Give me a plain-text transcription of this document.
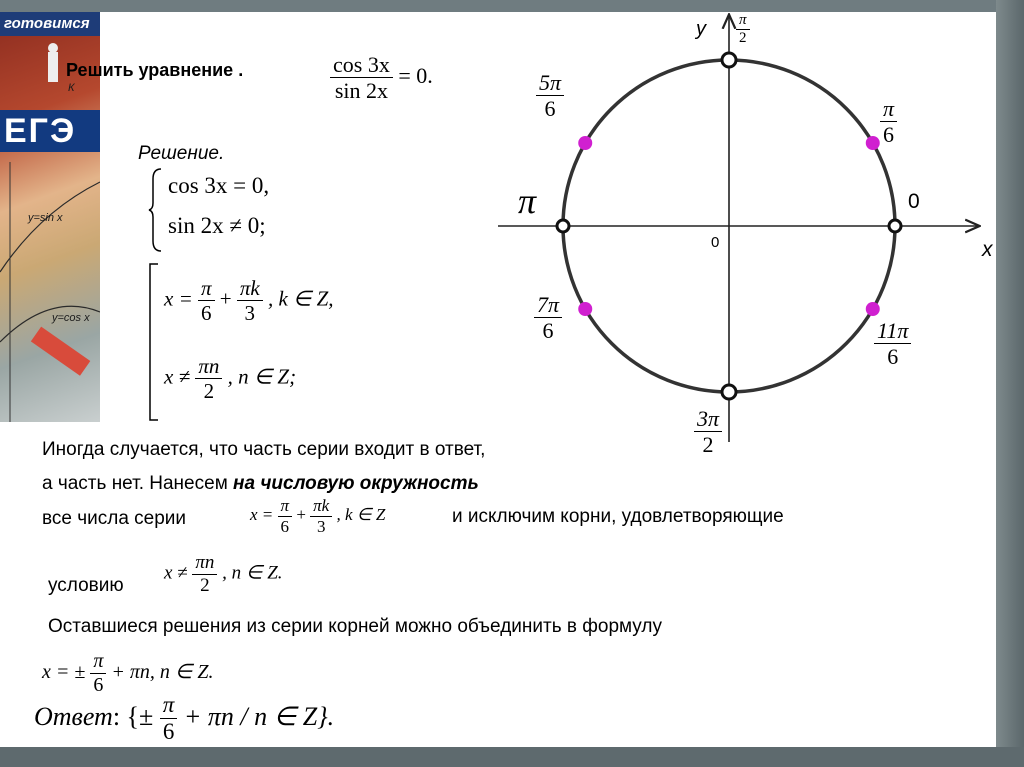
готовимся
ЕГЭ
y=sin x
y=cos x
К
Решить уравнение .	$\frac{\cos 3x}{\sin 2x} = 0$.
Решение.
cos 3x = 0,
sin 2x ≠ 0;
$x = \frac{\pi}{6} + \frac{\pi k}{3}$ , k ∈ Z,
$x \ne \frac{\pi n}{2}$ , n ∈ Z;
y
x
0
0
π
$\frac{\pi}{2}$
$\frac{3\pi}{2}$
$\frac{5\pi}{6}$
$\frac{\pi}{6}$
$\frac{7\pi}{6}$
$\frac{11\pi}{6}$
Иногда случается, что часть серии входит в ответ,
а часть нет. Нанесем на числовую окружность
все числа серии	$x = \frac{\pi}{6} + \frac{\pi k}{3}$ , k ∈ Z	и исключим корни, удовлетворяющие
условию
$x \ne \frac{\pi n}{2}$ , n ∈ Z.
Оставшиеся решения из серии корней можно объединить в формулу
x = ± $\frac{\pi}{6} + \pi n$, n ∈ Z.
Ответ: {± $\frac{\pi}{6} + \pi n / n$ ∈ Z}.
